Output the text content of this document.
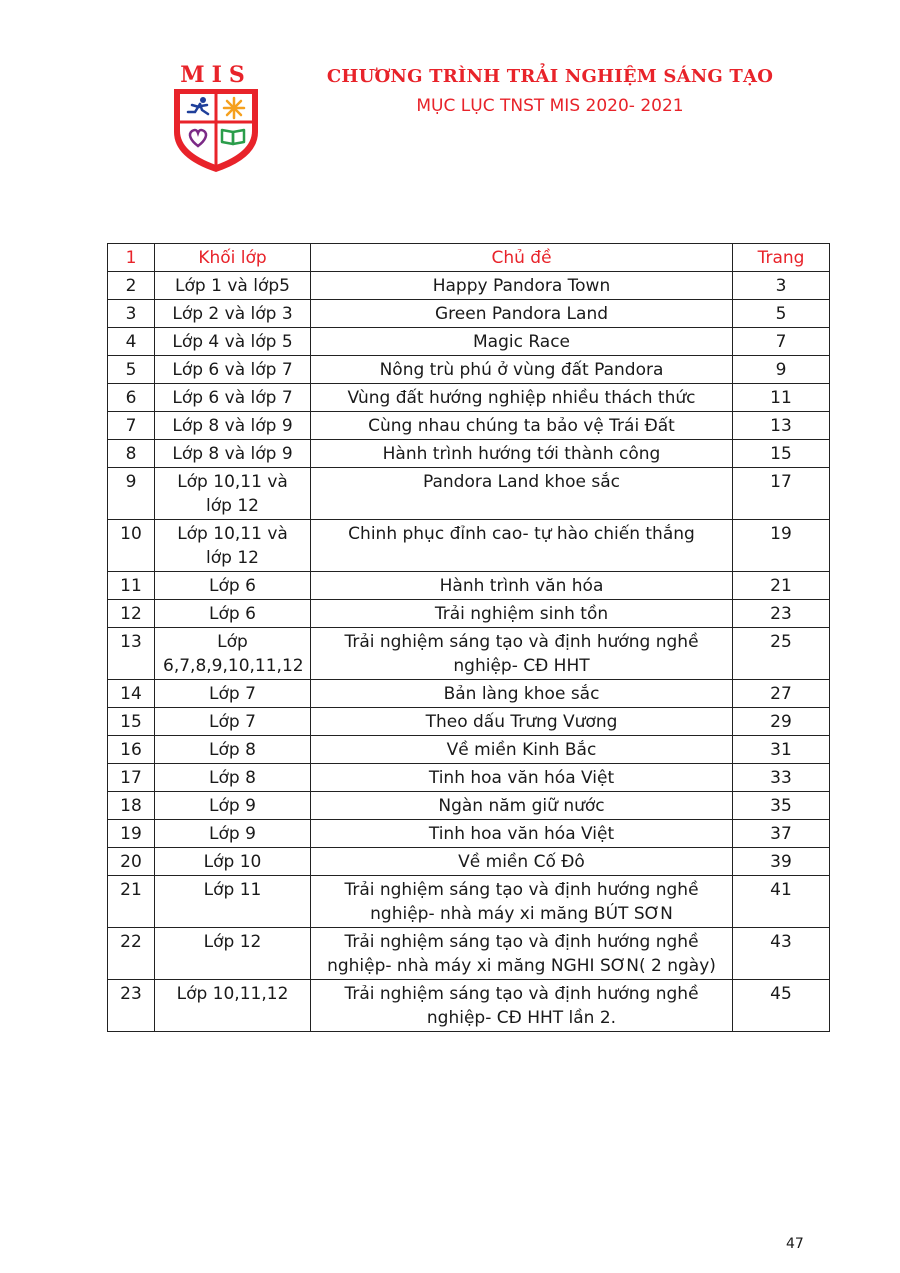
MIS	CHƯƠNG TRÌNH TRẢI NGHIỆM SÁNG TẠO
MỤC LỤC TNST MIS 2020- 2021
1	Khối lớp	Chủ đề	Trang
2	Lớp 1 và lớp5	Happy Pandora Town	3
3	Lớp 2 và lớp 3	Green Pandora Land	5
4	Lớp 4 và lớp 5	Magic Race	7
5	Lớp 6 và lớp 7	Nông trù phú ở vùng đất Pandora	9
6	Lớp 6 và lớp 7	Vùng đất hướng nghiệp nhiều thách thức	11
7	Lớp 8 và lớp 9	Cùng nhau chúng ta bảo vệ Trái Đất	13
8	Lớp 8 và lớp 9	Hành trình hướng tới thành công	15
9	Lớp 10,11 và lớp 12	Pandora Land khoe sắc	17
10	Lớp 10,11 và lớp 12	Chinh phục đỉnh cao- tự hào chiến thắng	19
11	Lớp 6	Hành trình văn hóa	21
12	Lớp 6	Trải nghiệm sinh tồn	23
13	Lớp 6,7,8,9,10,11,12	Trải nghiệm sáng tạo và định hướng nghề nghiệp- CĐ HHT	25
14	Lớp 7	Bản làng khoe sắc	27
15	Lớp 7	Theo dấu Trưng Vương	29
16	Lớp 8	Về miền Kinh Bắc	31
17	Lớp 8	Tinh hoa văn hóa Việt	33
18	Lớp 9	Ngàn năm giữ nước	35
19	Lớp 9	Tinh hoa văn hóa Việt	37
20	Lớp 10	Về miền Cố Đô	39
21	Lớp 11	Trải nghiệm sáng tạo và định hướng nghề nghiệp- nhà máy xi măng BÚT SƠN	41
22	Lớp 12	Trải nghiệm sáng tạo và định hướng nghề nghiệp- nhà máy xi măng NGHI SƠN( 2 ngày)	43
23	Lớp 10,11,12	Trải nghiệm sáng tạo và định hướng nghề nghiệp- CĐ HHT lần 2.	45
47
